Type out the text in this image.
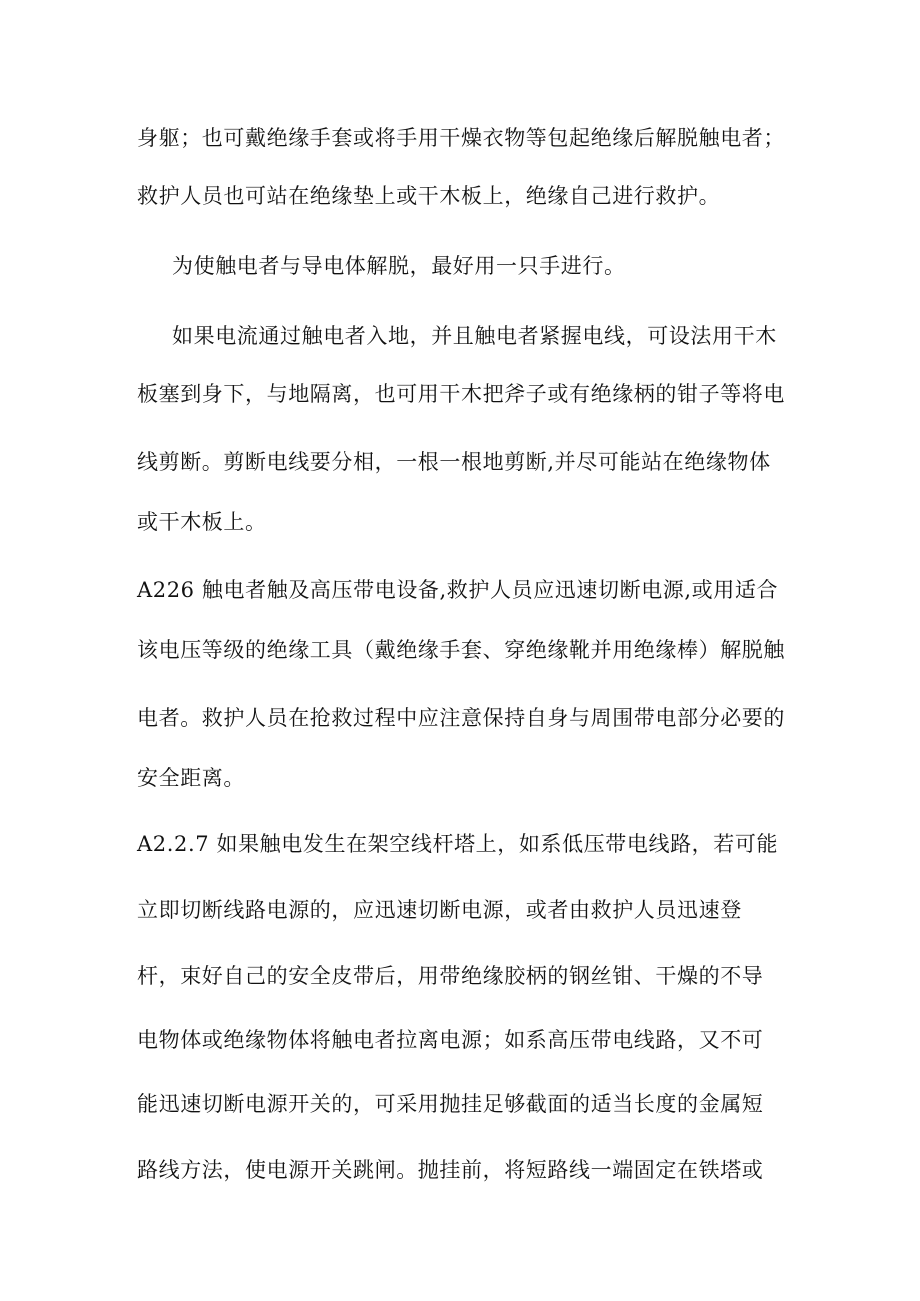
身躯；也可戴绝缘手套或将手用干燥衣物等包起绝缘后解脱触电者；
救护人员也可站在绝缘垫上或干木板上，绝缘自己进行救护。
为使触电者与导电体解脱，最好用一只手进行。
如果电流通过触电者入地，并且触电者紧握电线，可设法用干木
板塞到身下，与地隔离，也可用干木把斧子或有绝缘柄的钳子等将电
线剪断。剪断电线要分相，一根一根地剪断,并尽可能站在绝缘物体
或干木板上。
A226 触电者触及高压带电设备,救护人员应迅速切断电源,或用适合
该电压等级的绝缘工具（戴绝缘手套、穿绝缘靴并用绝缘棒）解脱触
电者。救护人员在抢救过程中应注意保持自身与周围带电部分必要的
安全距离。
A2.2.7 如果触电发生在架空线杆塔上，如系低压带电线路，若可能
立即切断线路电源的，应迅速切断电源，或者由救护人员迅速登
杆，束好自己的安全皮带后，用带绝缘胶柄的钢丝钳、干燥的不导
电物体或绝缘物体将触电者拉离电源；如系高压带电线路，又不可
能迅速切断电源开关的，可采用抛挂足够截面的适当长度的金属短
路线方法，使电源开关跳闸。抛挂前，将短路线一端固定在铁塔或
